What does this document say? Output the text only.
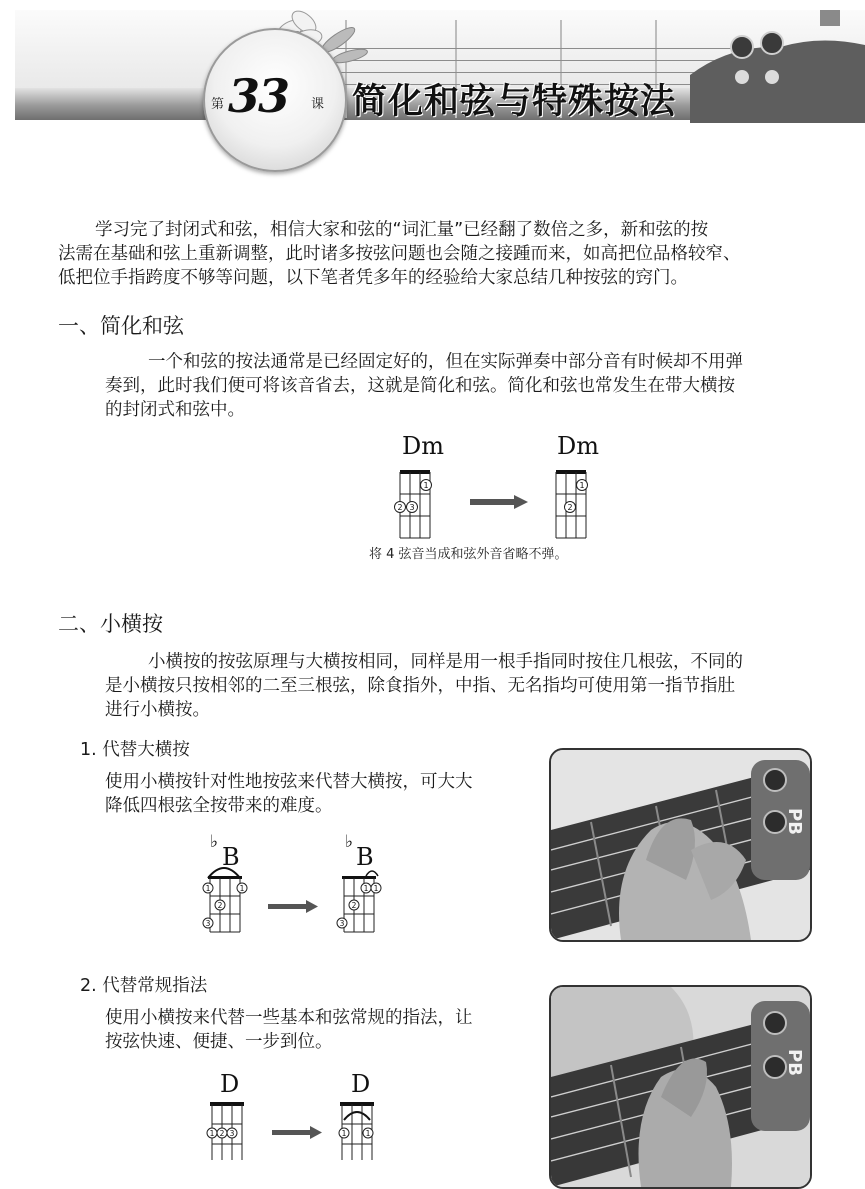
第 33 课 简化和弦与特殊按法
学习完了封闭式和弦，相信大家和弦的“词汇量”已经翻了数倍之多，新和弦的按
法需在基础和弦上重新调整，此时诸多按弦问题也会随之接踵而来，如高把位品格较窄、
低把位手指跨度不够等问题，以下笔者凭多年的经验给大家总结几种按弦的窍门。
一、简化和弦
一个和弦的按法通常是已经固定好的，但在实际弹奏中部分音有时候却不用弹
奏到，此时我们便可将该音省去，这就是简化和弦。简化和弦也常发生在带大横按
的封闭式和弦中。
Dm
1
2 3
Dm
1
2
将 4 弦音当成和弦外音省略不弹。
二、小横按
小横按的按弦原理与大横按相同，同样是用一根手指同时按住几根弦，不同的
是小横按只按相邻的二至三根弦，除食指外，中指、无名指均可使用第一指节指肚
进行小横按。
1. 代替大横按
使用小横按针对性地按弦来代替大横按，可大大
降低四根弦全按带来的难度。
♭
B
1	1
2
3
♭
B
1 1
2
3
PB
2. 代替常规指法
使用小横按来代替一些基本和弦常规的指法，让
按弦快速、便捷、一步到位。
D
1 2 3
D
1	1
PB
